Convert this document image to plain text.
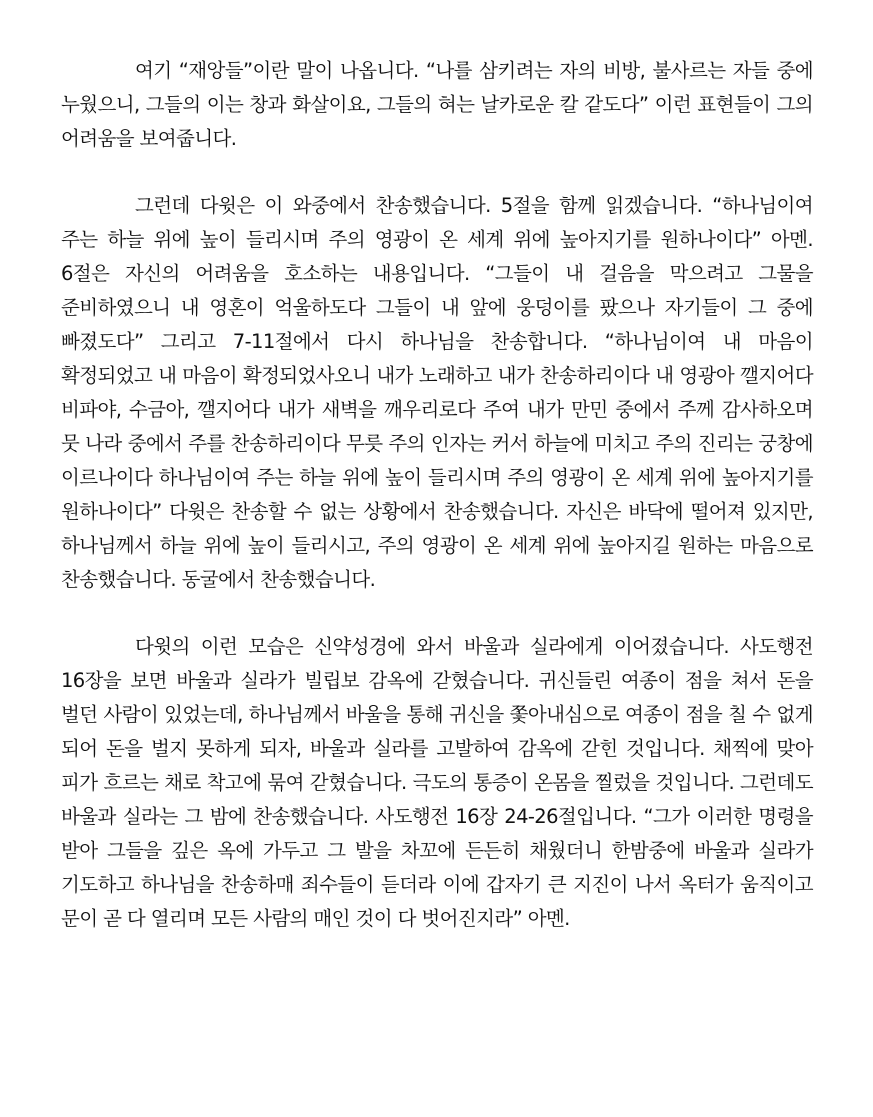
여기 “재앙들”이란 말이 나옵니다. “나를 삼키려는 자의 비방, 불사르는 자들 중에 누웠으니, 그들의 이는 창과 화살이요, 그들의 혀는 날카로운 칼 같도다” 이런 표현들이 그의 어려움을 보여줍니다.

그런데 다윗은 이 와중에서 찬송했습니다. 5절을 함께 읽겠습니다. “하나님이여 주는 하늘 위에 높이 들리시며 주의 영광이 온 세계 위에 높아지기를 원하나이다” 아멘. 6절은 자신의 어려움을 호소하는 내용입니다. “그들이 내 걸음을 막으려고 그물을 준비하였으니 내 영혼이 억울하도다 그들이 내 앞에 웅덩이를 팠으나 자기들이 그 중에 빠졌도다” 그리고 7-11절에서 다시 하나님을 찬송합니다. “하나님이여 내 마음이 확정되었고 내 마음이 확정되었사오니 내가 노래하고 내가 찬송하리이다 내 영광아 깰지어다 비파야, 수금아, 깰지어다 내가 새벽을 깨우리로다 주여 내가 만민 중에서 주께 감사하오며 뭇 나라 중에서 주를 찬송하리이다 무릇 주의 인자는 커서 하늘에 미치고 주의 진리는 궁창에 이르나이다 하나님이여 주는 하늘 위에 높이 들리시며 주의 영광이 온 세계 위에 높아지기를 원하나이다” 다윗은 찬송할 수 없는 상황에서 찬송했습니다. 자신은 바닥에 떨어져 있지만, 하나님께서 하늘 위에 높이 들리시고, 주의 영광이 온 세계 위에 높아지길 원하는 마음으로 찬송했습니다. 동굴에서 찬송했습니다.

다윗의 이런 모습은 신약성경에 와서 바울과 실라에게 이어졌습니다. 사도행전 16장을 보면 바울과 실라가 빌립보 감옥에 갇혔습니다. 귀신들린 여종이 점을 쳐서 돈을 벌던 사람이 있었는데, 하나님께서 바울을 통해 귀신을 쫓아내심으로 여종이 점을 칠 수 없게 되어 돈을 벌지 못하게 되자, 바울과 실라를 고발하여 감옥에 갇힌 것입니다. 채찍에 맞아 피가 흐르는 채로 착고에 묶여 갇혔습니다. 극도의 통증이 온몸을 찔렀을 것입니다. 그런데도 바울과 실라는 그 밤에 찬송했습니다. 사도행전 16장 24-26절입니다. “그가 이러한 명령을 받아 그들을 깊은 옥에 가두고 그 발을 차꼬에 든든히 채웠더니 한밤중에 바울과 실라가 기도하고 하나님을 찬송하매 죄수들이 듣더라 이에 갑자기 큰 지진이 나서 옥터가 움직이고 문이 곧 다 열리며 모든 사람의 매인 것이 다 벗어진지라” 아멘.
